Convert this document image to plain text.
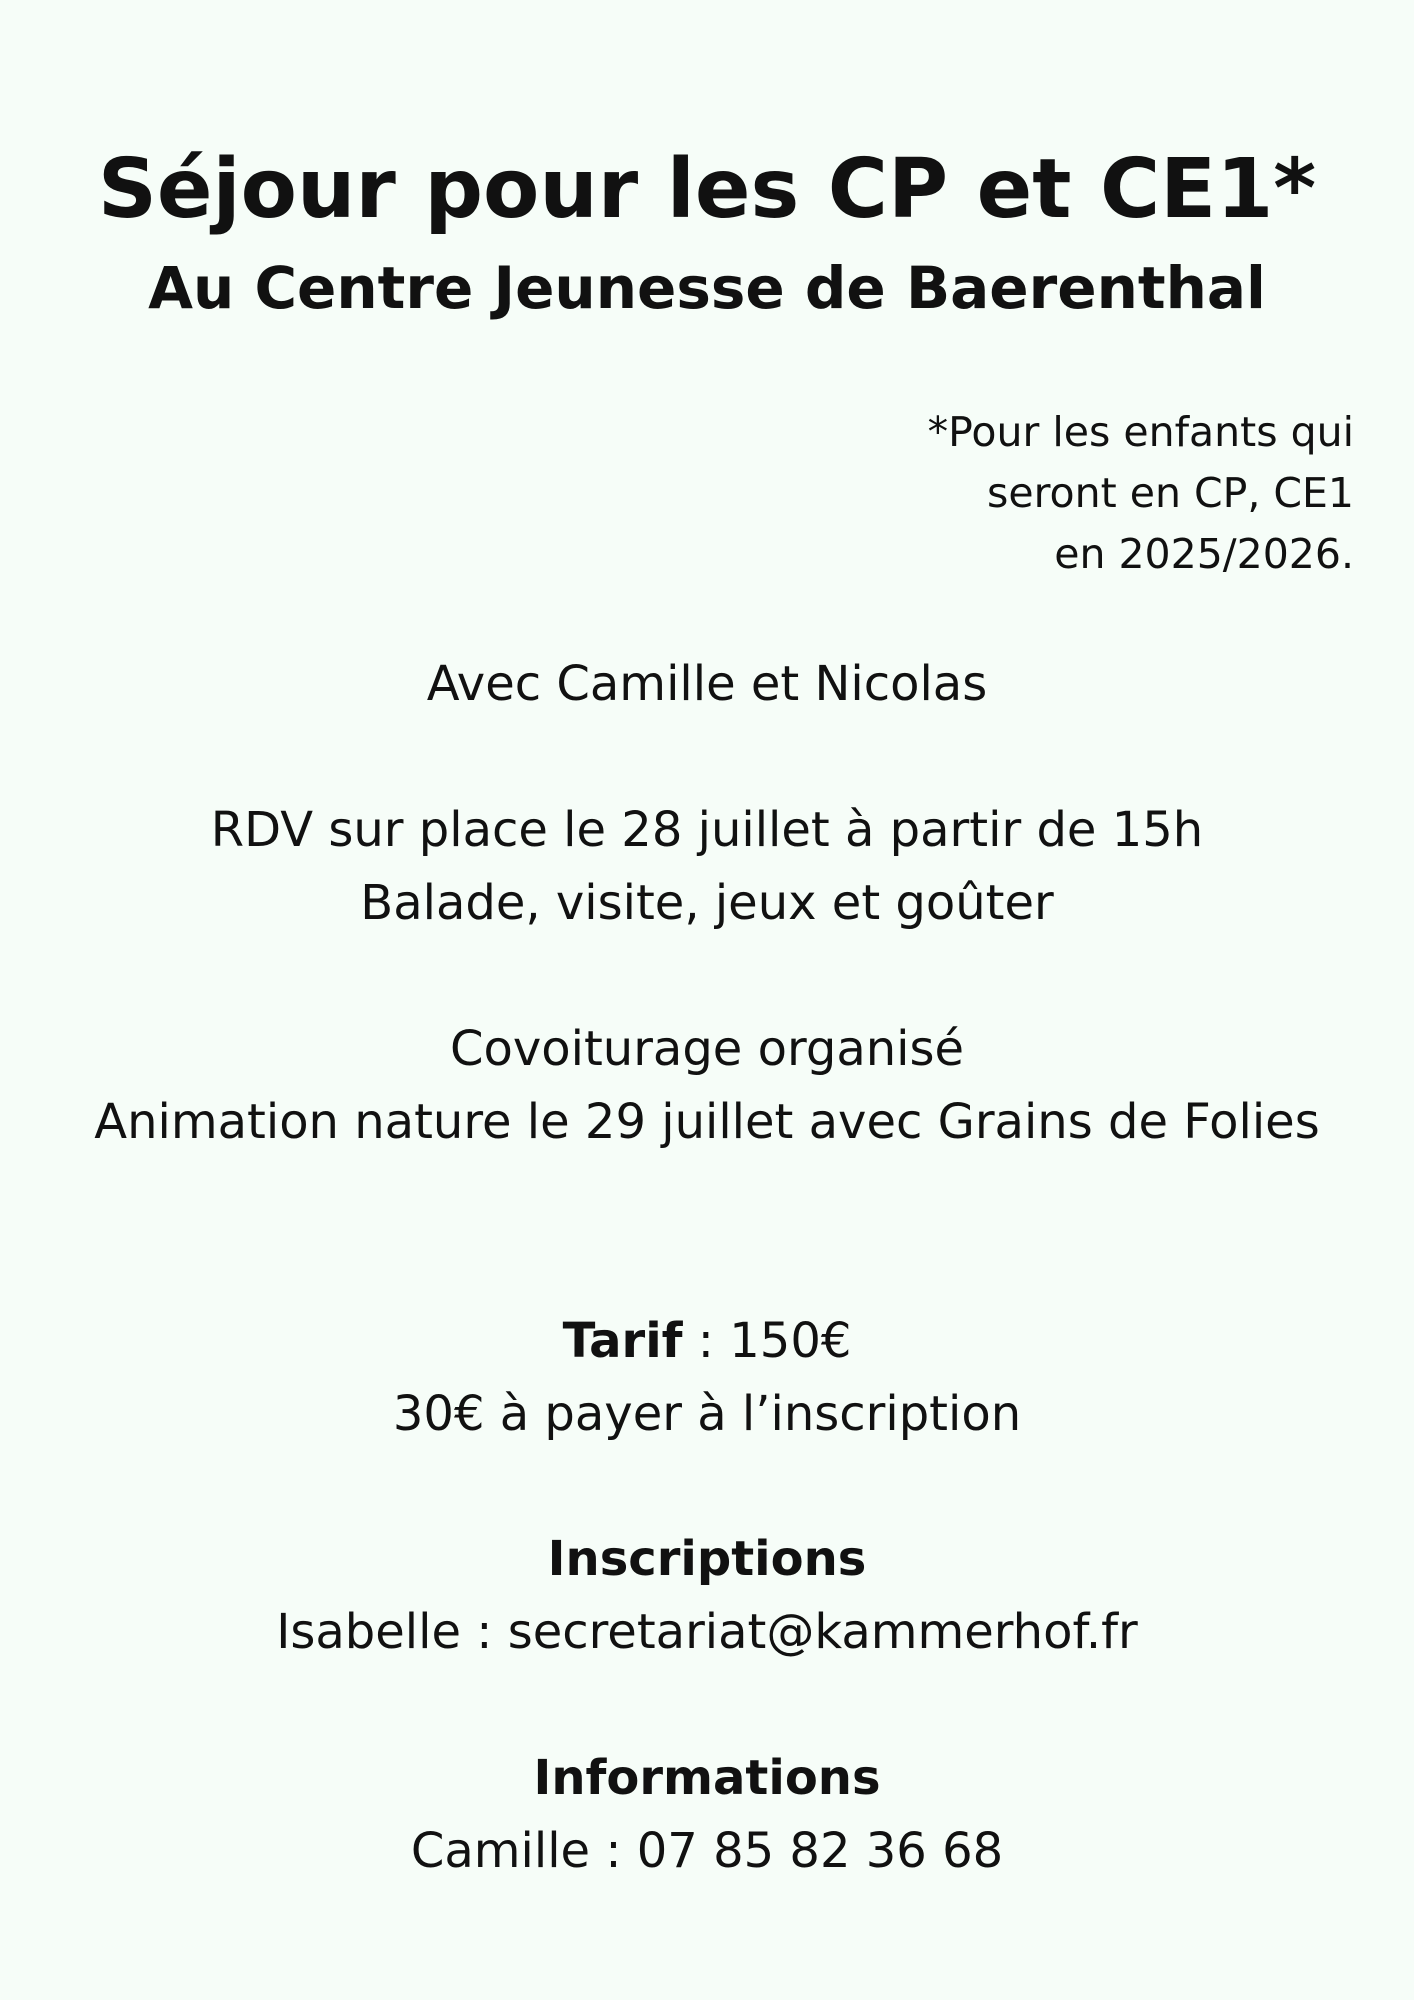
Séjour pour les CP et CE1*
Au Centre Jeunesse de Baerenthal
*Pour les enfants qui
seront en CP, CE1
en 2025/2026.
Avec Camille et Nicolas
RDV sur place le 28 juillet à partir de 15h
Balade, visite, jeux et goûter
Covoiturage organisé
Animation nature le 29 juillet avec Grains de Folies
Tarif : 150€
30€ à payer à l’inscription
Inscriptions
Isabelle : secretariat@kammerhof.fr
Informations
Camille : 07 85 82 36 68
